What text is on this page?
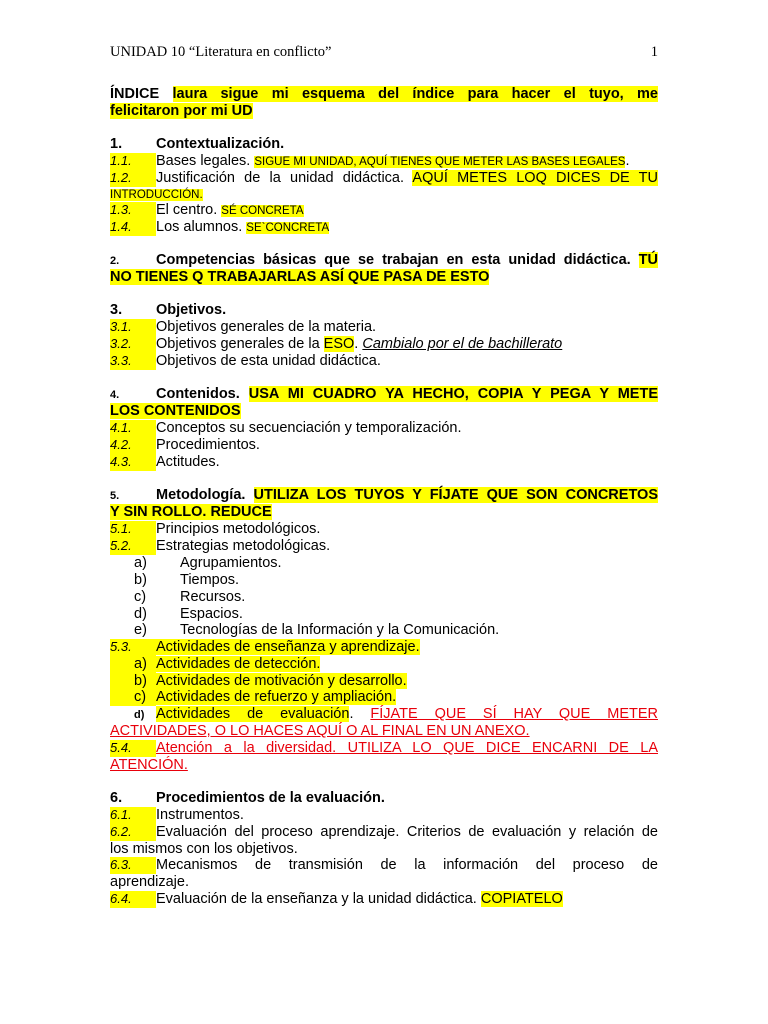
UNIDAD 10 “Literatura en conflicto”	1
ÍNDICE laura sigue mi esquema del índice para hacer el tuyo, me
felicitaron por mi UD
1. Contextualización.
1.1. Bases legales. SIGUE MI UNIDAD, AQUÍ TIENES QUE METER LAS BASES LEGALES.
1.2. Justificación de la unidad didáctica. AQUÍ METES LOQ DICES DE TU
INTRODUCCIÓN.
1.3. El centro. SÉ CONCRETA
1.4. Los alumnos. SE`CONCRETA
2.	Competencias básicas que se trabajan en esta unidad didáctica. TÚ
NO TIENES Q TRABAJARLAS ASÍ QUE PASA DE ESTO
3. Objetivos.
3.1. Objetivos generales de la materia.
3.2. Objetivos generales de la ESO. Cambialo por el de bachillerato
3.3. Objetivos de esta unidad didáctica.
4.	Contenidos. USA MI CUADRO YA HECHO, COPIA Y PEGA Y METE
LOS CONTENIDOS
4.1. Conceptos su secuenciación y temporalización.
4.2. Procedimientos.
4.3. Actitudes.
5.	Metodología. UTILIZA LOS TUYOS Y FÍJATE QUE SON CONCRETOS
Y SIN ROLLO. REDUCE
5.1. Principios metodológicos.
5.2. Estrategias metodológicas.
a) Agrupamientos.
b) Tiempos.
c) Recursos.
d) Espacios.
e) Tecnologías de la Información y la Comunicación.
5.3. Actividades de enseñanza y aprendizaje.
a) Actividades de detección.
b) Actividades de motivación y desarrollo.
c) Actividades de refuerzo y ampliación.
d) Actividades de evaluación. FÍJATE QUE SÍ HAY QUE METER
ACTIVIDADES, O LO HACES AQUÍ O AL FINAL EN UN ANEXO.
5.4. Atención a la diversidad. UTILIZA LO QUE DICE ENCARNI DE LA
ATENCIÓN.
6. Procedimientos de la evaluación.
6.1. Instrumentos.
6.2. Evaluación del proceso aprendizaje. Criterios de evaluación y relación de
los mismos con los objetivos.
6.3. Mecanismos de transmisión de la información del proceso de
aprendizaje.
6.4. Evaluación de la enseñanza y la unidad didáctica. COPIATELO
